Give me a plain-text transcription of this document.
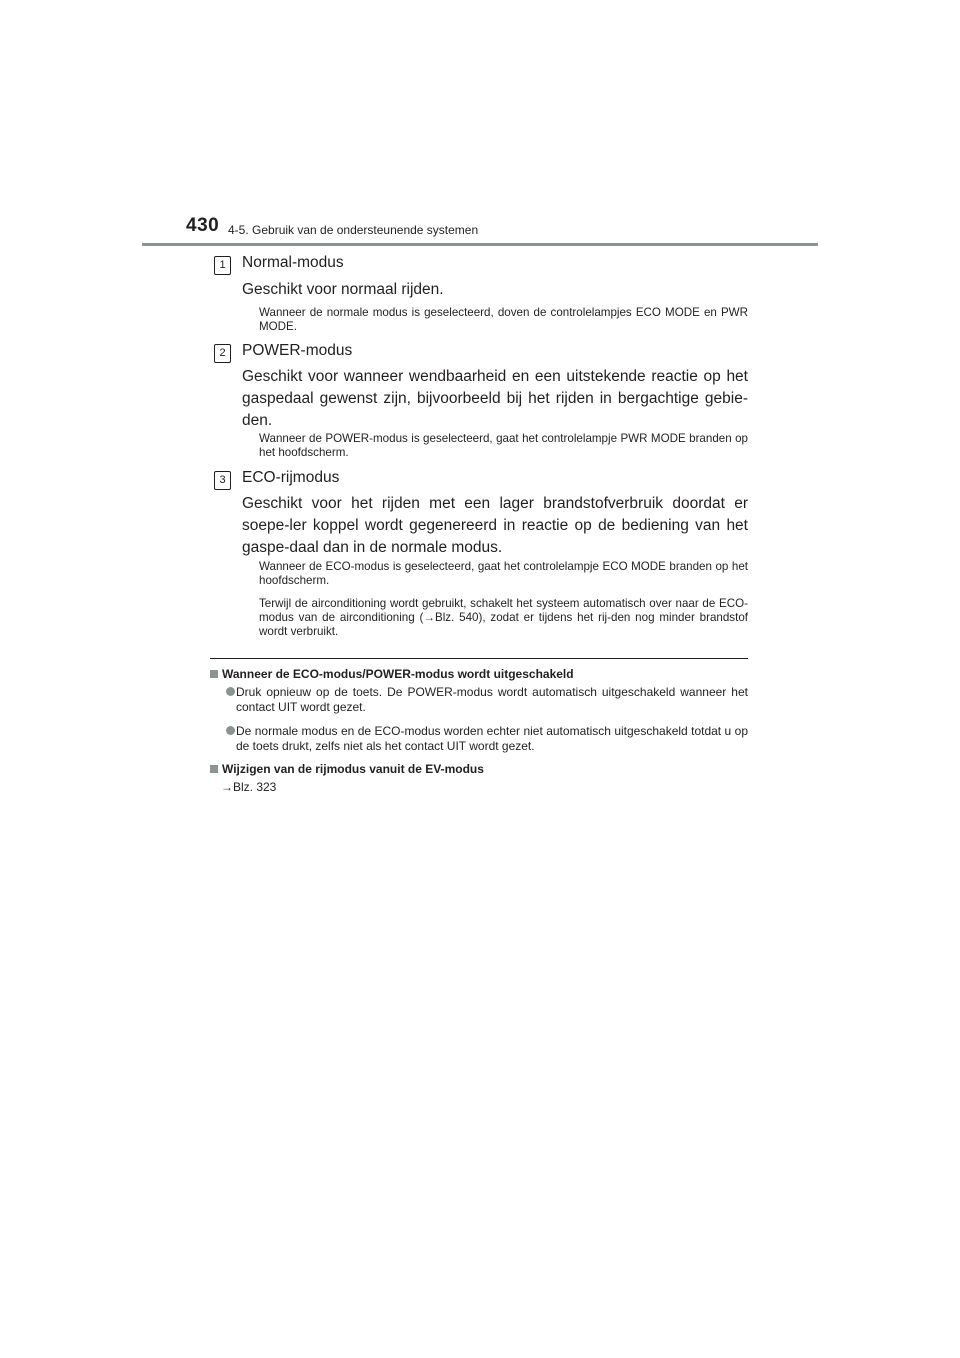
430 4-5. Gebruik van de ondersteunende systemen
1	Normal-modus
Geschikt voor normaal rijden.
Wanneer de normale modus is geselecteerd, doven de controlelampjes ECO MODE en PWR MODE.
2	POWER-modus
Geschikt voor wanneer wendbaarheid en een uitstekende reactie op het gaspedaal gewenst zijn, bijvoorbeeld bij het rijden in bergachtige gebie-den.
Wanneer de POWER-modus is geselecteerd, gaat het controlelampje PWR MODE branden op het hoofdscherm.
3	ECO-rijmodus
Geschikt voor het rijden met een lager brandstofverbruik doordat er soepe-ler koppel wordt gegenereerd in reactie op de bediening van het gaspe-daal dan in de normale modus.
Wanneer de ECO-modus is geselecteerd, gaat het controlelampje ECO MODE branden op het hoofdscherm.
Terwijl de airconditioning wordt gebruikt, schakelt het systeem automatisch over naar de ECO-modus van de airconditioning (→Blz. 540), zodat er tijdens het rij-den nog minder brandstof wordt verbruikt.
Wanneer de ECO-modus/POWER-modus wordt uitgeschakeld
Druk opnieuw op de toets. De POWER-modus wordt automatisch uitgeschakeld wanneer het contact UIT wordt gezet.
De normale modus en de ECO-modus worden echter niet automatisch uitgeschakeld totdat u op de toets drukt, zelfs niet als het contact UIT wordt gezet.
Wijzigen van de rijmodus vanuit de EV-modus
→Blz. 323
